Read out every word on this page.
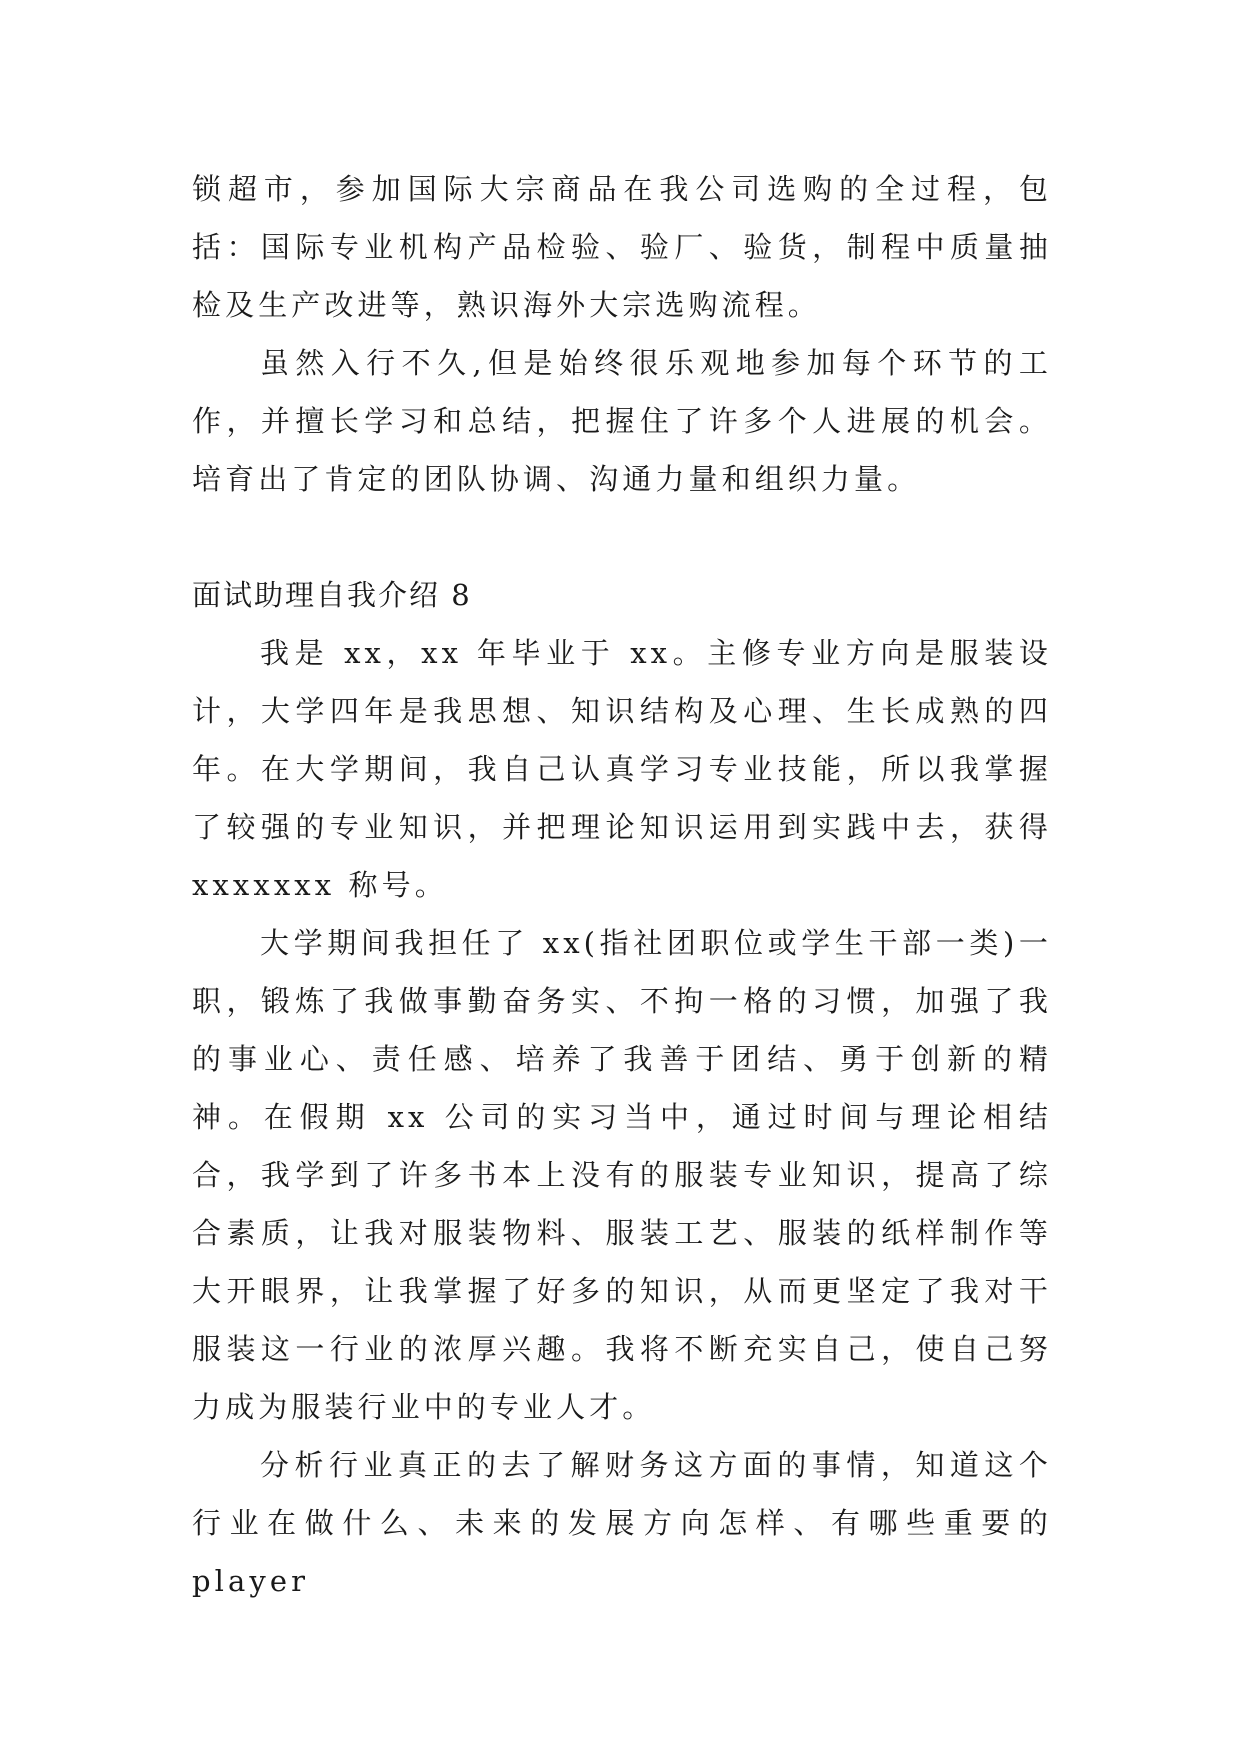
锁超市，参加国际大宗商品在我公司选购的全过程，包括：国际专业机构产品检验、验厂、验货，制程中质量抽检及生产改进等，熟识海外大宗选购流程。

虽然入行不久,但是始终很乐观地参加每个环节的工作，并擅长学习和总结，把握住了许多个人进展的机会。培育出了肯定的团队协调、沟通力量和组织力量。

面试助理自我介绍 8

我是 xx，xx 年毕业于 xx。主修专业方向是服装设计，大学四年是我思想、知识结构及心理、生长成熟的四年。在大学期间，我自己认真学习专业技能，所以我掌握了较强的专业知识，并把理论知识运用到实践中去，获得 xxxxxxx 称号。

大学期间我担任了 xx(指社团职位或学生干部一类)一职，锻炼了我做事勤奋务实、不拘一格的习惯，加强了我的事业心、责任感、培养了我善于团结、勇于创新的精神。在假期 xx 公司的实习当中，通过时间与理论相结合，我学到了许多书本上没有的服装专业知识，提高了综合素质，让我对服装物料、服装工艺、服装的纸样制作等大开眼界，让我掌握了好多的知识，从而更坚定了我对干服装这一行业的浓厚兴趣。我将不断充实自己，使自己努力成为服装行业中的专业人才。

分析行业真正的去了解财务这方面的事情，知道这个行业在做什么、未来的发展方向怎样、有哪些重要的 player
